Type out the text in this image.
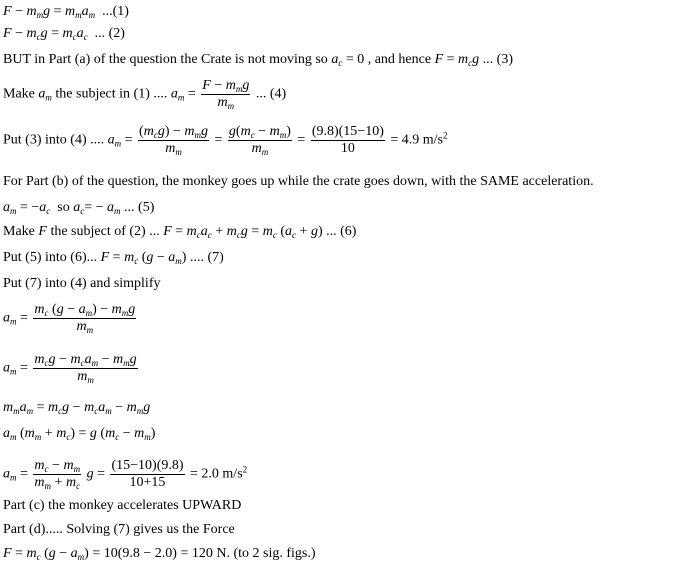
$F - m_mg = m_ma_m$ ...(1)
$F - m_cg = m_ca_c$ ... (2)
BUT in Part (a) of the question the Crate is not moving so $a_c = 0$ , and hence $F = m_cg$ ... (3)
Make $a_m$ the subject in (1) .... $a_m$ =
$F - m_mg$
$m_m$
... (4)
Put (3) into (4) .... $a_m$ =
$(m_cg) - m_mg$
$m_m$
= $\frac{g(m_c - m_m)}{m_m} = \frac{(9.8)(15-10)}{10} = 4.9$ $m/s^2$
For Part (b) of the question, the monkey goes up while the crate goes down, with the SAME acceleration.
$a_m = -a_c$ so $a_c= - a_m$ ... (5)
Make F the subject of (2) ... $F = m_ca_c + m_cg = m_c$ $(a_c + g)$ ... (6)
Put (5) into (6)... $F = m_c$ $(g - a_m)$ .... (7)
Put (7) into (4) and simplify
$a_m$ =
$m_c$ $(g - a_m) - m_mg$
$m_m$
$a_m$ =
$m_cg - m_ca_m - m_mg$
$m_m$
$m_ma_m = m_cg - m_ca_m - m_mg$
$a_m$ $(m_m + m_c) = g$ $(m_c - m_m)$
$a_m = \frac{m_c - m_m}{m_m + m_c}$ $g = \frac{(15-10)(9.8)}{10+15} = 2.0$ $m/s^2$
Part (c) the monkey accelerates UPWARD
Part (d)..... Solving (7) gives us the Force
$F = m_c$ $(g - a_m) = 10(9.8 - 2.0) = 120$ N. (to 2 sig. figs.)
